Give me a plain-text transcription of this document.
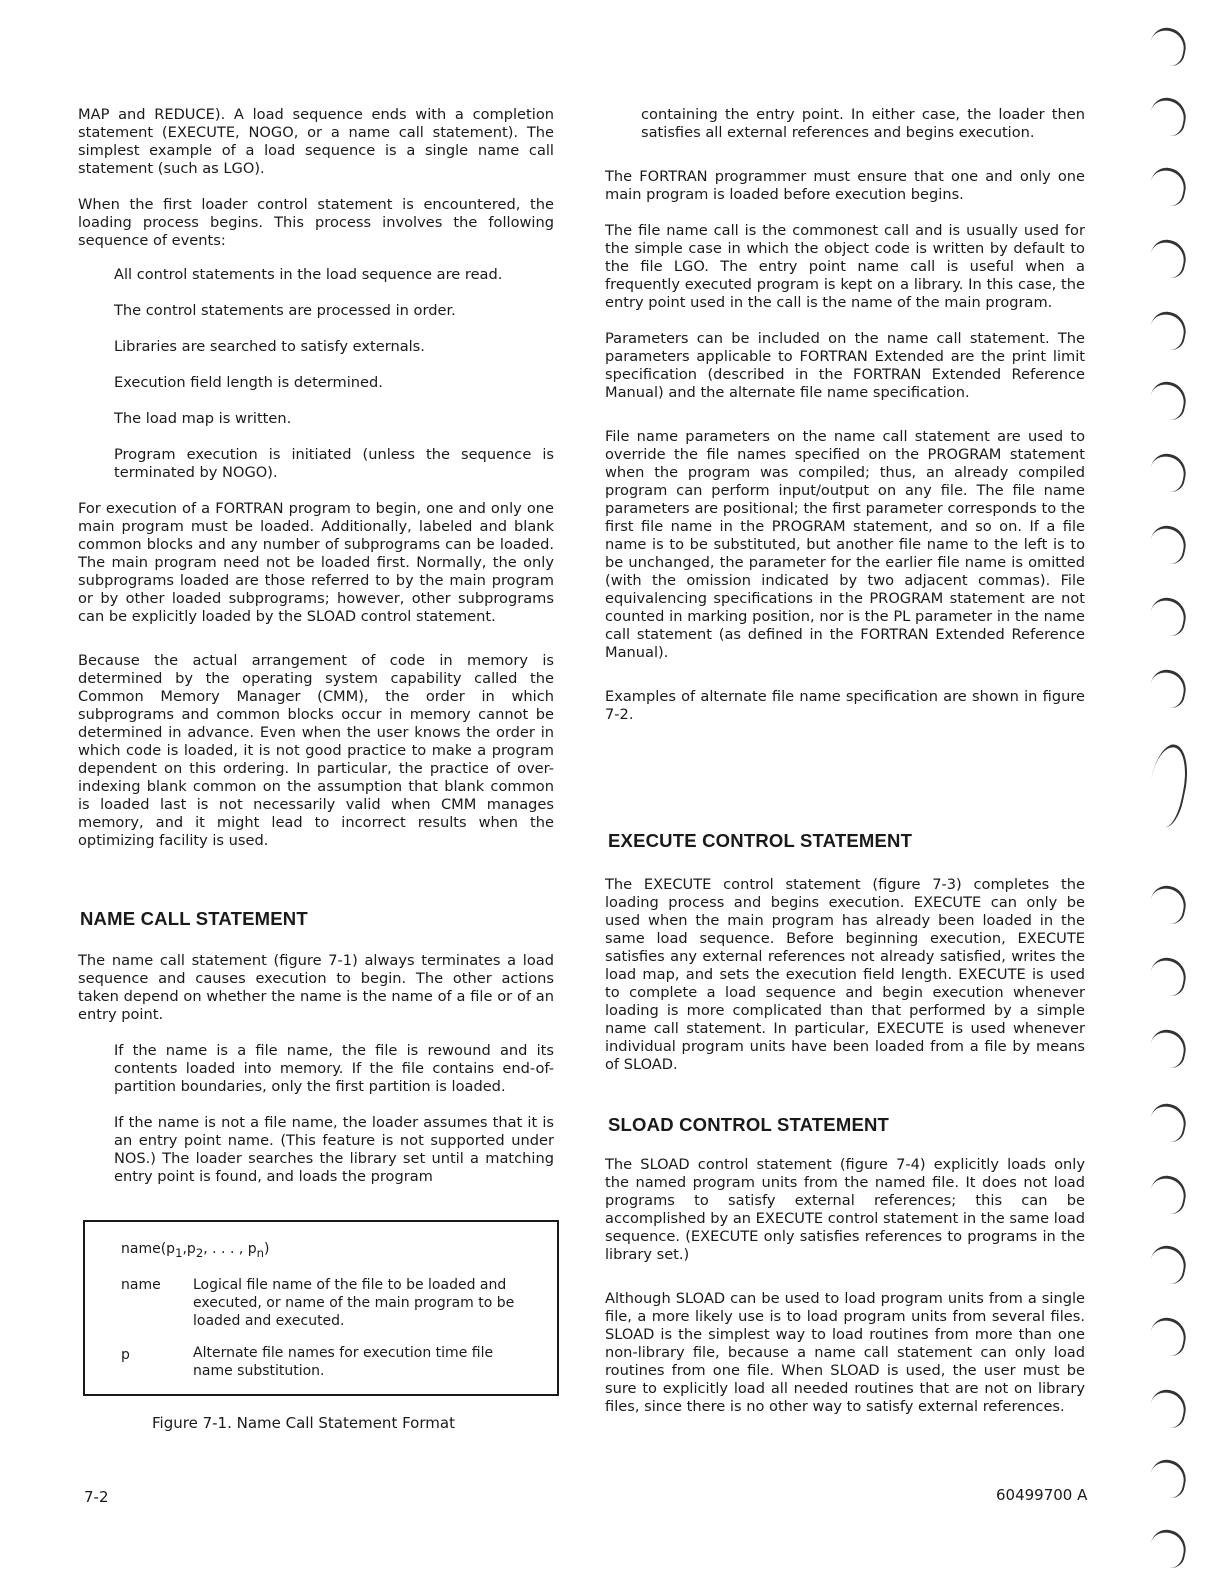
MAP and REDUCE). A load sequence ends with a completion statement (EXECUTE, NOGO, or a name call statement). The simplest example of a load sequence is a single name call statement (such as LGO).

When the first loader control statement is encountered, the loading process begins. This process involves the following sequence of events:

All control statements in the load sequence are read.

The control statements are processed in order.

Libraries are searched to satisfy externals.

Execution field length is determined.

The load map is written.

Program execution is initiated (unless the sequence is terminated by NOGO).

For execution of a FORTRAN program to begin, one and only one main program must be loaded. Additionally, labeled and blank common blocks and any number of subprograms can be loaded. The main program need not be loaded first. Normally, the only subprograms loaded are those referred to by the main program or by other loaded subprograms; however, other subprograms can be explicitly loaded by the SLOAD control statement.

Because the actual arrangement of code in memory is determined by the operating system capability called the Common Memory Manager (CMM), the order in which subprograms and common blocks occur in memory cannot be determined in advance. Even when the user knows the order in which code is loaded, it is not good practice to make a program dependent on this ordering. In particular, the practice of over-indexing blank common on the assumption that blank common is loaded last is not necessarily valid when CMM manages memory, and it might lead to incorrect results when the optimizing facility is used.

NAME CALL STATEMENT

The name call statement (figure 7-1) always terminates a load sequence and causes execution to begin. The other actions taken depend on whether the name is the name of a file or of an entry point.

If the name is a file name, the file is rewound and its contents loaded into memory. If the file contains end-of-partition boundaries, only the first partition is loaded.

If the name is not a file name, the loader assumes that it is an entry point name. (This feature is not supported under NOS.) The loader searches the library set until a matching entry point is found, and loads the program

$name(p_1,p_2$, . . . , $p_n$)
name Logical file name of the file to be loaded and executed, or name of the main program to be loaded and executed.
p	Alternate file names for execution time file name substitution.
Figure 7-1. Name Call Statement Format

containing the entry point. In either case, the loader then satisfies all external references and begins execution.

The FORTRAN programmer must ensure that one and only one main program is loaded before execution begins.

The file name call is the commonest call and is usually used for the simple case in which the object code is written by default to the file LGO. The entry point name call is useful when a frequently executed program is kept on a library. In this case, the entry point used in the call is the name of the main program.

Parameters can be included on the name call statement. The parameters applicable to FORTRAN Extended are the print limit specification (described in the FORTRAN Extended Reference Manual) and the alternate file name specification.

File name parameters on the name call statement are used to override the file names specified on the PROGRAM statement when the program was compiled; thus, an already compiled program can perform input/output on any file. The file name parameters are positional; the first parameter corresponds to the first file name in the PROGRAM statement, and so on. If a file name is to be substituted, but another file name to the left is to be unchanged, the parameter for the earlier file name is omitted (with the omission indicated by two adjacent commas). File equivalencing specifications in the PROGRAM statement are not counted in marking position, nor is the PL parameter in the name call statement (as defined in the FORTRAN Extended Reference Manual).

Examples of alternate file name specification are shown in figure 7-2.

EXECUTE CONTROL STATEMENT

The EXECUTE control statement (figure 7-3) completes the loading process and begins execution. EXECUTE can only be used when the main program has already been loaded in the same load sequence. Before beginning execution, EXECUTE satisfies any external references not already satisfied, writes the load map, and sets the execution field length. EXECUTE is used to complete a load sequence and begin execution whenever loading is more complicated than that performed by a simple name call statement. In particular, EXECUTE is used whenever individual program units have been loaded from a file by means of SLOAD.

SLOAD CONTROL STATEMENT

The SLOAD control statement (figure 7-4) explicitly loads only the named program units from the named file. It does not load programs to satisfy external references; this can be accomplished by an EXECUTE control statement in the same load sequence. (EXECUTE only satisfies references to programs in the library set.)

Although SLOAD can be used to load program units from a single file, a more likely use is to load program units from several files. SLOAD is the simplest way to load routines from more than one non-library file, because a name call statement can only load routines from one file. When SLOAD is used, the user must be sure to explicitly load all needed routines that are not on library files, since there is no other way to satisfy external references.

7-2	60499700 A
